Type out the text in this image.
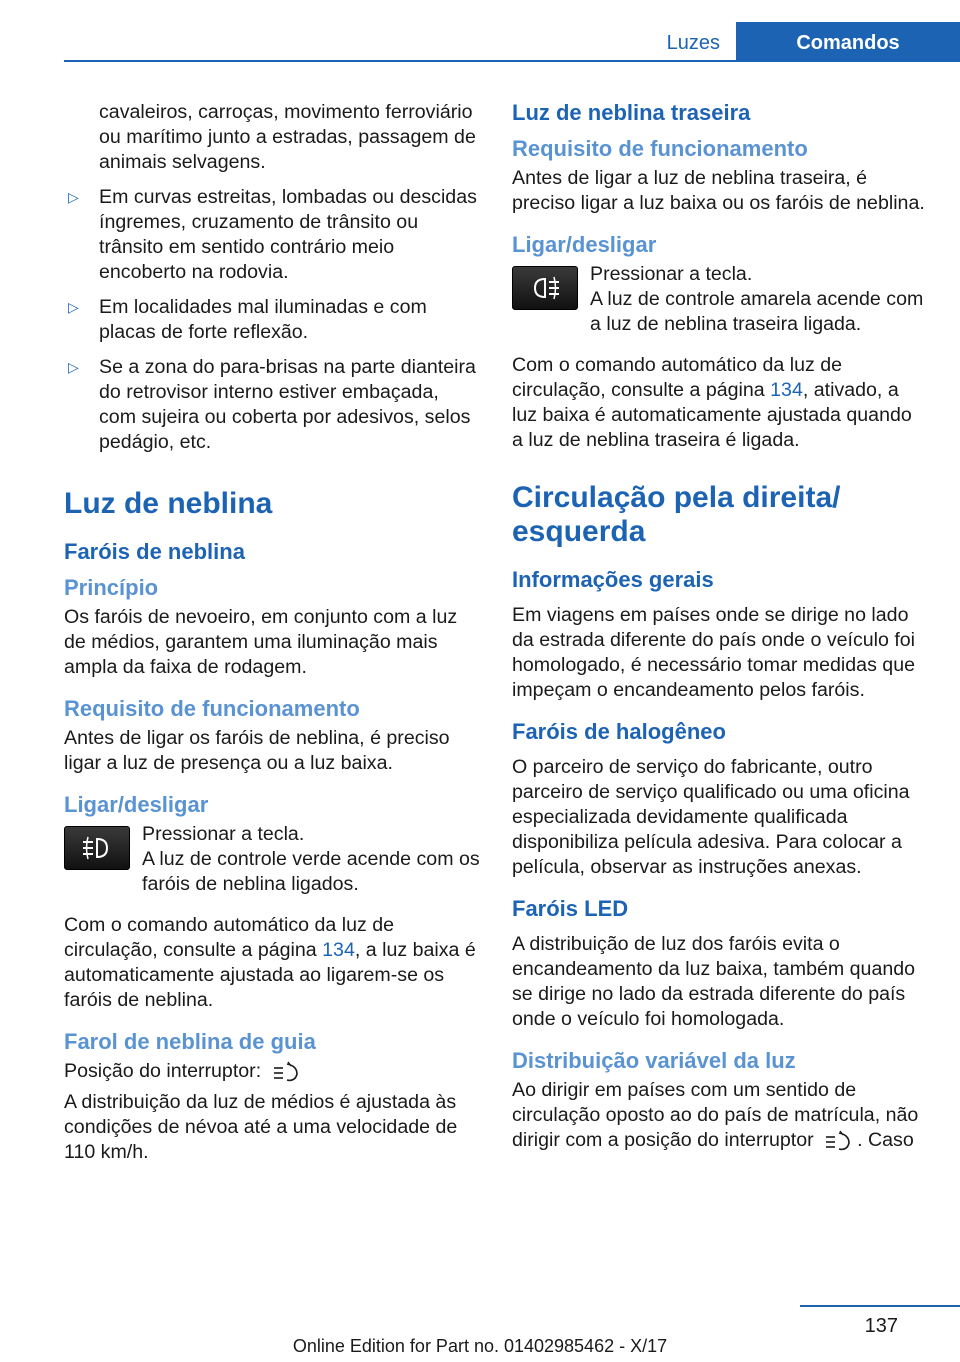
Luzes	Comandos
cavaleiros, carroças, movimento ferroviário ou marítimo junto a estradas, passagem de animais selvagens.
▷ Em curvas estreitas, lombadas ou descidas íngremes, cruzamento de trânsito ou trânsito em sentido contrário meio encoberto na rodovia.
▷ Em localidades mal iluminadas e com placas de forte reflexão.
▷ Se a zona do para-brisas na parte dianteira do retrovisor interno estiver embaçada, com sujeira ou coberta por adesivos, selos pedágio, etc.
Luz de neblina
Faróis de neblina
Princípio

Os faróis de nevoeiro, em conjunto com a luz de médios, garantem uma iluminação mais ampla da faixa de rodagem.

Requisito de funcionamento

Antes de ligar os faróis de neblina, é preciso ligar a luz de presença ou a luz baixa.

Ligar/desligar

Pressionar a tecla.

A luz de controle verde acende com os faróis de neblina ligados.

Com o comando automático da luz de circulação, consulte a página 134, a luz baixa é automaticamente ajustada ao ligarem-se os faróis de neblina.

Farol de neblina de guia

Posição do interruptor:

A distribuição da luz de médios é ajustada às condições de névoa até a uma velocidade de 110 km/h.

Luz de neblina traseira
Requisito de funcionamento

Antes de ligar a luz de neblina traseira, é preciso ligar a luz baixa ou os faróis de neblina.

Ligar/desligar

Pressionar a tecla.

A luz de controle amarela acende com a luz de neblina traseira ligada.

Com o comando automático da luz de circulação, consulte a página 134, ativado, a luz baixa é automaticamente ajustada quando a luz de neblina traseira é ligada.

Circulação pela direita/ esquerda
Informações gerais

Em viagens em países onde se dirige no lado da estrada diferente do país onde o veículo foi homologado, é necessário tomar medidas que impeçam o encandeamento pelos faróis.

Faróis de halogêneo

O parceiro de serviço do fabricante, outro parceiro de serviço qualificado ou uma oficina especializada devidamente qualificada disponibiliza película adesiva. Para colocar a película, observar as instruções anexas.

Faróis LED

A distribuição de luz dos faróis evita o encandeamento da luz baixa, também quando se dirige no lado da estrada diferente do país onde o veículo foi homologada.

Distribuição variável da luz

Ao dirigir em países com um sentido de circulação oposto ao do país de matrícula, não dirigir com a posição do interruptor . Caso

137
Online Edition for Part no. 01402985462 - X/17
